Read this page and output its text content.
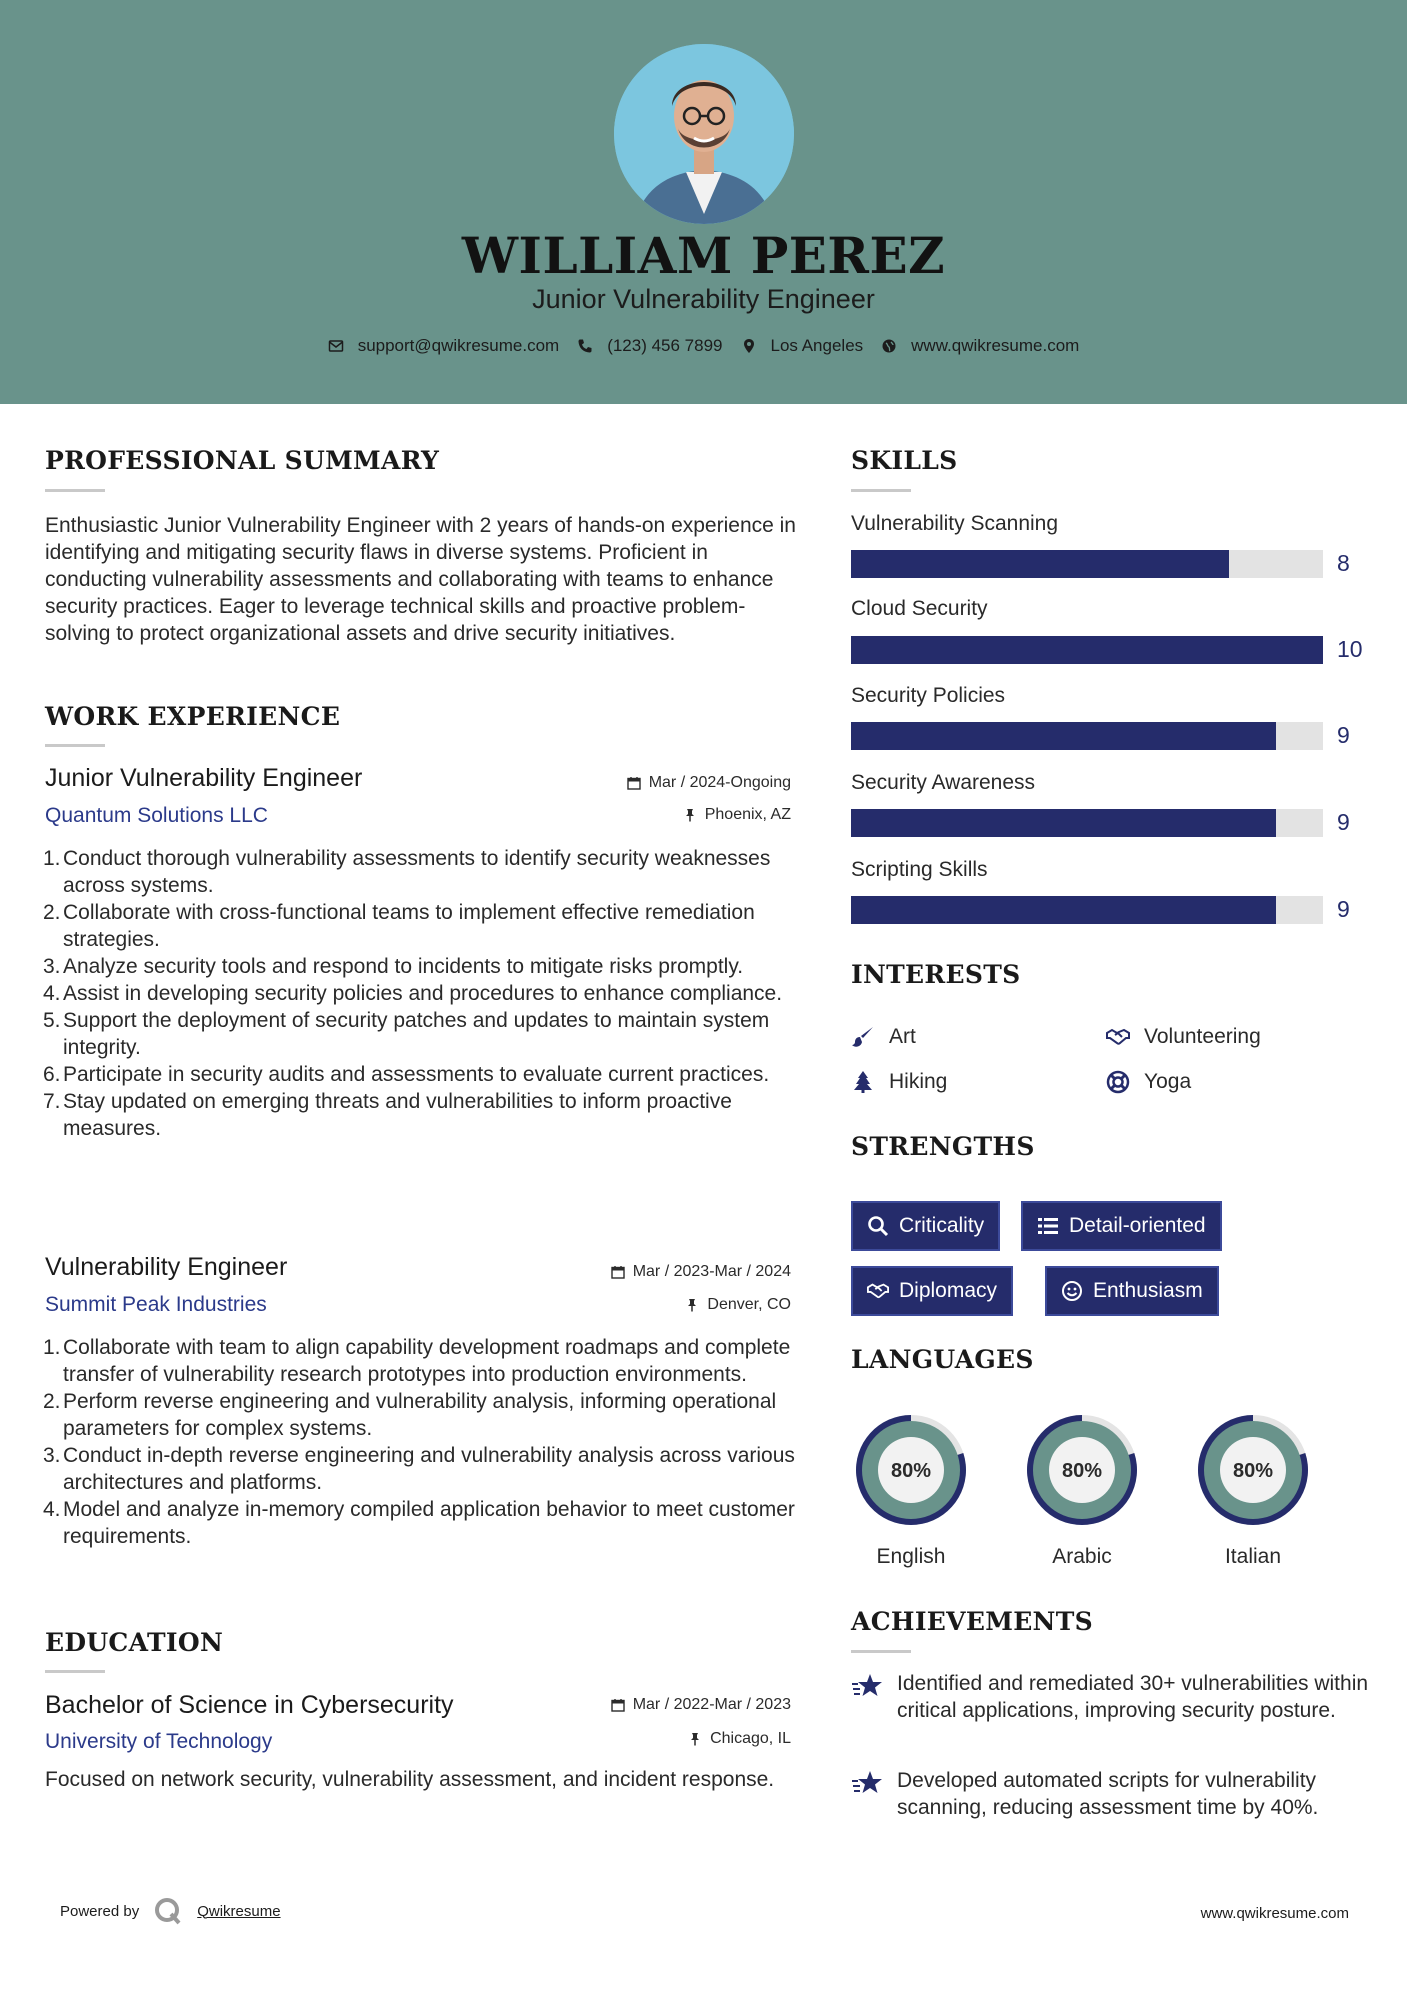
WILLIAM PEREZ
Junior Vulnerability Engineer
support@qwikresume.com	(123) 456 7899	Los Angeles	www.qwikresume.com
PROFESSIONAL SUMMARY
Enthusiastic Junior Vulnerability Engineer with 2 years of hands-on experience in identifying and mitigating security flaws in diverse systems. Proficient in conducting vulnerability assessments and collaborating with teams to enhance security practices. Eager to leverage technical skills and proactive problem-solving to protect organizational assets and drive security initiatives.
WORK EXPERIENCE
Junior Vulnerability Engineer	Mar / 2024-Ongoing
Quantum Solutions LLC	Phoenix, AZ
1. Conduct thorough vulnerability assessments to identify security weaknesses across systems.
2. Collaborate with cross-functional teams to implement effective remediation strategies.
3. Analyze security tools and respond to incidents to mitigate risks promptly.
4. Assist in developing security policies and procedures to enhance compliance.
5. Support the deployment of security patches and updates to maintain system integrity.
6. Participate in security audits and assessments to evaluate current practices.
7. Stay updated on emerging threats and vulnerabilities to inform proactive measures.
Vulnerability Engineer	Mar / 2023-Mar / 2024
Summit Peak Industries	Denver, CO
1. Collaborate with team to align capability development roadmaps and complete transfer of vulnerability research prototypes into production environments.
2. Perform reverse engineering and vulnerability analysis, informing operational parameters for complex systems.
3. Conduct in-depth reverse engineering and vulnerability analysis across various architectures and platforms.
4. Model and analyze in-memory compiled application behavior to meet customer requirements.
EDUCATION
Bachelor of Science in Cybersecurity	Mar / 2022-Mar / 2023
University of Technology	Chicago, IL
Focused on network security, vulnerability assessment, and incident response.
SKILLS
Vulnerability Scanning
8
Cloud Security
10
Security Policies
9
Security Awareness
9
Scripting Skills
9
INTERESTS
Art	Volunteering
Hiking	Yoga
STRENGTHS
Criticality	Detail-oriented
Diplomacy	Enthusiasm
LANGUAGES
80%
English
80%
Arabic
80%
Italian
ACHIEVEMENTS
Identified and remediated 30+ vulnerabilities within critical applications, improving security posture.
Developed automated scripts for vulnerability scanning, reducing assessment time by 40%.
Powered by	Qwikresume	www.qwikresume.com
